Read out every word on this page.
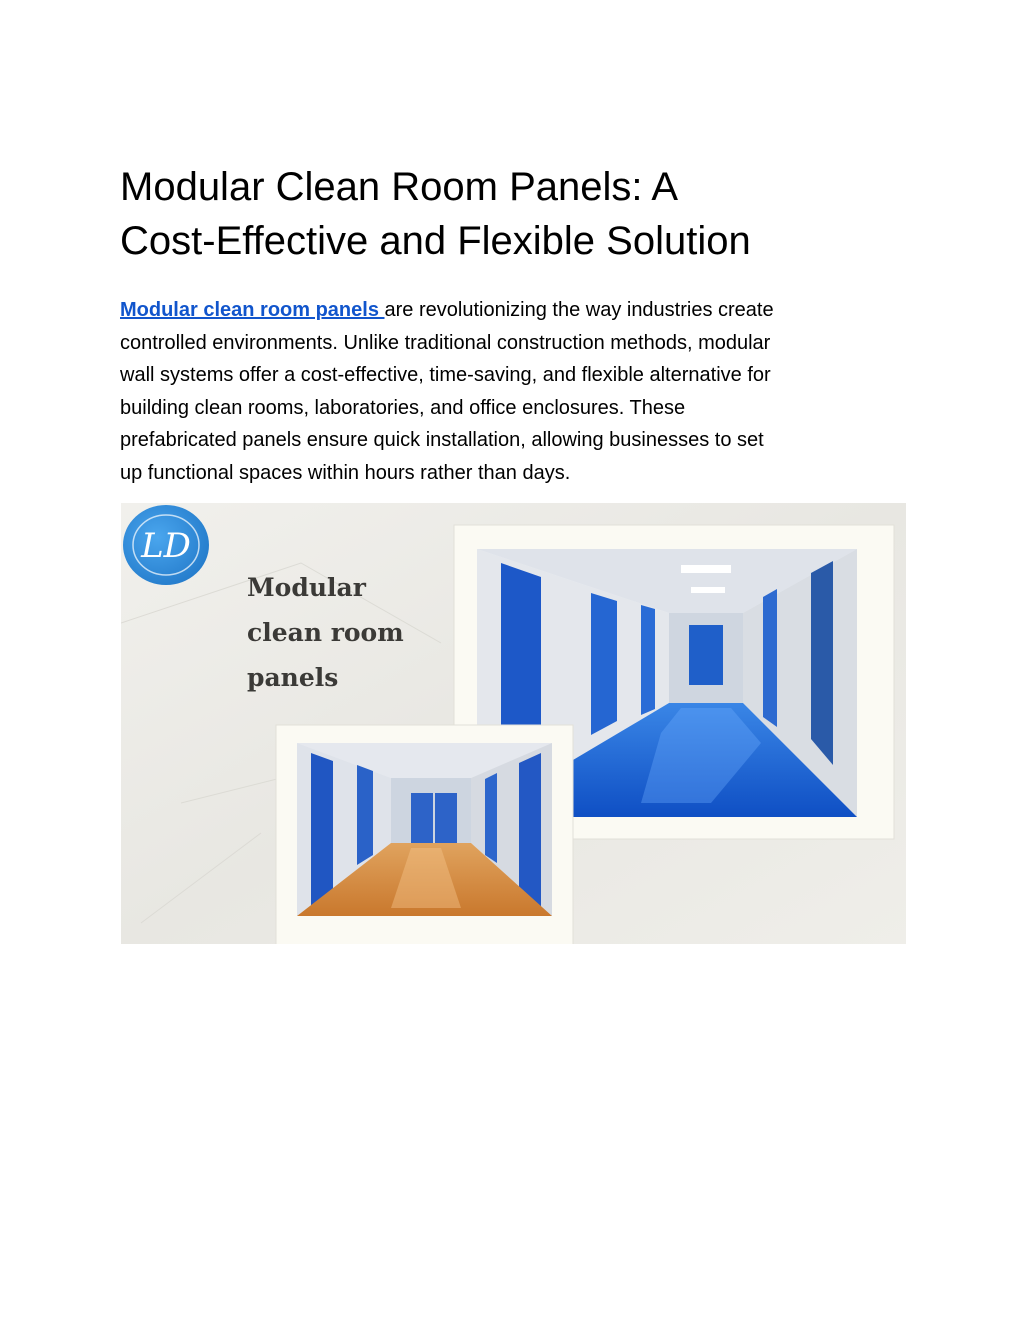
Modular Clean Room Panels: A
Cost-Effective and Flexible Solution

Modular clean room panels are revolutionizing the way industries create
controlled environments. Unlike traditional construction methods, modular
wall systems offer a cost-effective, time-saving, and flexible alternative for
building clean rooms, laboratories, and office enclosures. These
prefabricated panels ensure quick installation, allowing businesses to set
up functional spaces within hours rather than days.

LD
Modular
clean room
panels
